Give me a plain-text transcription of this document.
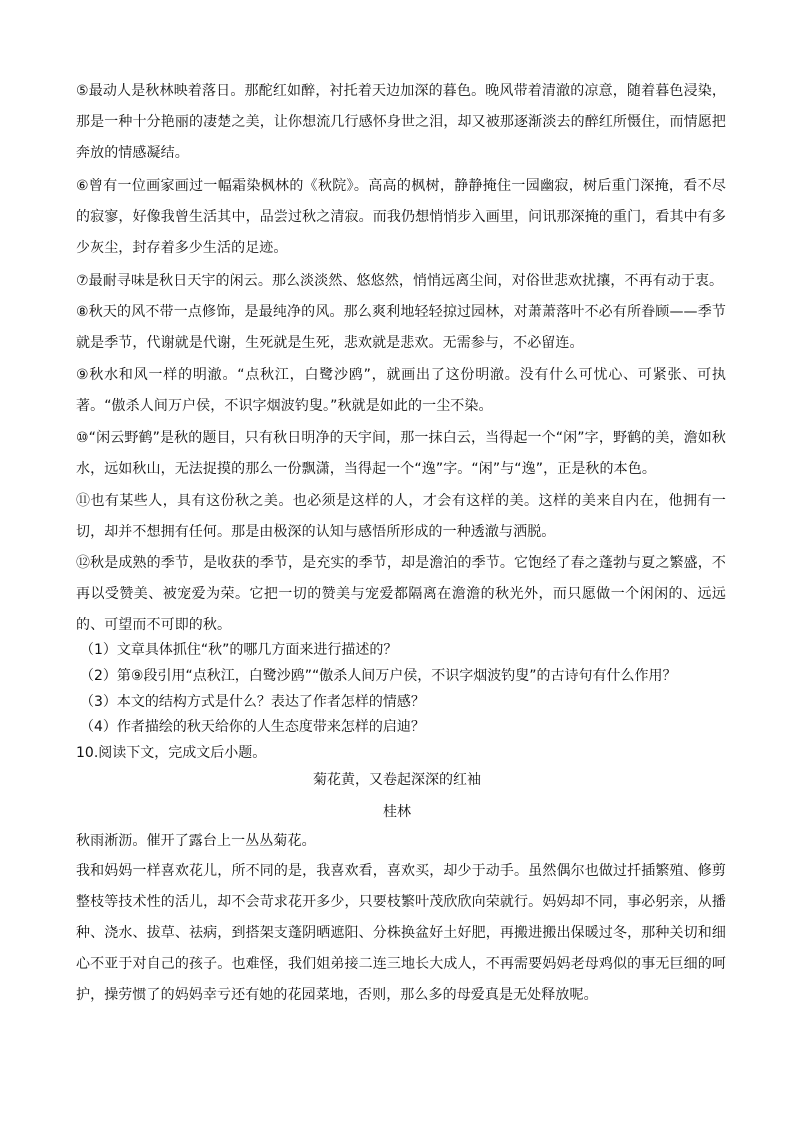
⑤最动人是秋林映着落日。那酡红如醉，衬托着天边加深的暮色。晚风带着清澈的凉意，随着暮色浸染，那是一种十分艳丽的凄楚之美，让你想流几行感怀身世之泪，却又被那逐渐淡去的醉红所慑住，而情愿把奔放的情感凝结。

⑥曾有一位画家画过一幅霜染枫林的《秋院》。高高的枫树，静静掩住一园幽寂，树后重门深掩，看不尽的寂寥，好像我曾生活其中，品尝过秋之清寂。而我仍想悄悄步入画里，问讯那深掩的重门，看其中有多少灰尘，封存着多少生活的足迹。

⑦最耐寻味是秋日天宇的闲云。那么淡淡然、悠悠然，悄悄远离尘间，对俗世悲欢扰攘，不再有动于衷。

⑧秋天的风不带一点修饰，是最纯净的风。那么爽利地轻轻掠过园林，对萧萧落叶不必有所眷顾——季节就是季节，代谢就是代谢，生死就是生死，悲欢就是悲欢。无需参与，不必留连。

⑨秋水和风一样的明澈。“点秋江，白鹭沙鸥”，就画出了这份明澈。没有什么可忧心、可紧张、可执著。“傲杀人间万户侯，不识字烟波钓叟。”秋就是如此的一尘不染。

⑩“闲云野鹤”是秋的题目，只有秋日明净的天宇间，那一抹白云，当得起一个“闲”字，野鹤的美，澹如秋水，远如秋山，无法捉摸的那么一份飘潇，当得起一个“逸”字。“闲”与“逸”，正是秋的本色。

⑪也有某些人，具有这份秋之美。也必须是这样的人，才会有这样的美。这样的美来自内在，他拥有一切，却并不想拥有任何。那是由极深的认知与感悟所形成的一种透澈与洒脱。

⑫秋是成熟的季节，是收获的季节，是充实的季节，却是澹泊的季节。它饱经了春之蓬勃与夏之繁盛，不再以受赞美、被宠爱为荣。它把一切的赞美与宠爱都隔离在澹澹的秋光外，而只愿做一个闲闲的、远远的、可望而不可即的秋。

（1）文章具体抓住“秋”的哪几方面来进行描述的？

（2）第⑨段引用“点秋江，白鹭沙鸥”“傲杀人间万户侯，不识字烟波钓叟”的古诗句有什么作用？

（3）本文的结构方式是什么？表达了作者怎样的情感？

（4）作者描绘的秋天给你的人生态度带来怎样的启迪？

10.阅读下文，完成文后小题。

菊花黄，又卷起深深的红袖

桂林

秋雨淅沥。催开了露台上一丛丛菊花。

我和妈妈一样喜欢花儿，所不同的是，我喜欢看，喜欢买，却少于动手。虽然偶尔也做过扦插繁殖、修剪整枝等技术性的活儿，却不会苛求花开多少，只要枝繁叶茂欣欣向荣就行。妈妈却不同，事必躬亲，从播种、浇水、拔草、祛病，到搭架支蓬阴晒遮阳、分株换盆好土好肥，再搬进搬出保暖过冬，那种关切和细心不亚于对自己的孩子。也难怪，我们姐弟接二连三地长大成人，不再需要妈妈老母鸡似的事无巨细的呵护，操劳惯了的妈妈幸亏还有她的花园菜地，否则，那么多的母爱真是无处释放呢。
